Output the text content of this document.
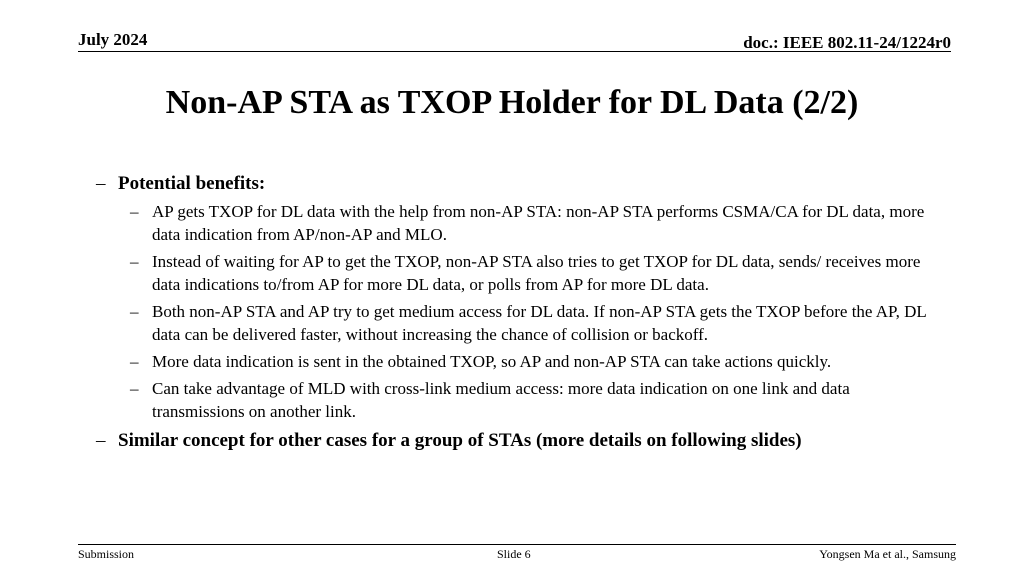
July 2024	doc.: IEEE 802.11-24/1224r0
Non-AP STA as TXOP Holder for DL Data (2/2)
– Potential benefits:
– AP gets TXOP for DL data with the help from non-AP STA: non-AP STA performs CSMA/CA for DL data, more data indication from AP/non-AP and MLO.
– Instead of waiting for AP to get the TXOP, non-AP STA also tries to get TXOP for DL data, sends/ receives more data indications to/from AP for more DL data, or polls from AP for more DL data.
– Both non-AP STA and AP try to get medium access for DL data. If non-AP STA gets the TXOP before the AP, DL data can be delivered faster, without increasing the chance of collision or backoff.
– More data indication is sent in the obtained TXOP, so AP and non-AP STA can take actions quickly.
– Can take advantage of MLD with cross-link medium access: more data indication on one link and data transmissions on another link.
– Similar concept for other cases for a group of STAs (more details on following slides)
Submission	Slide 6	Yongsen Ma et al., Samsung
